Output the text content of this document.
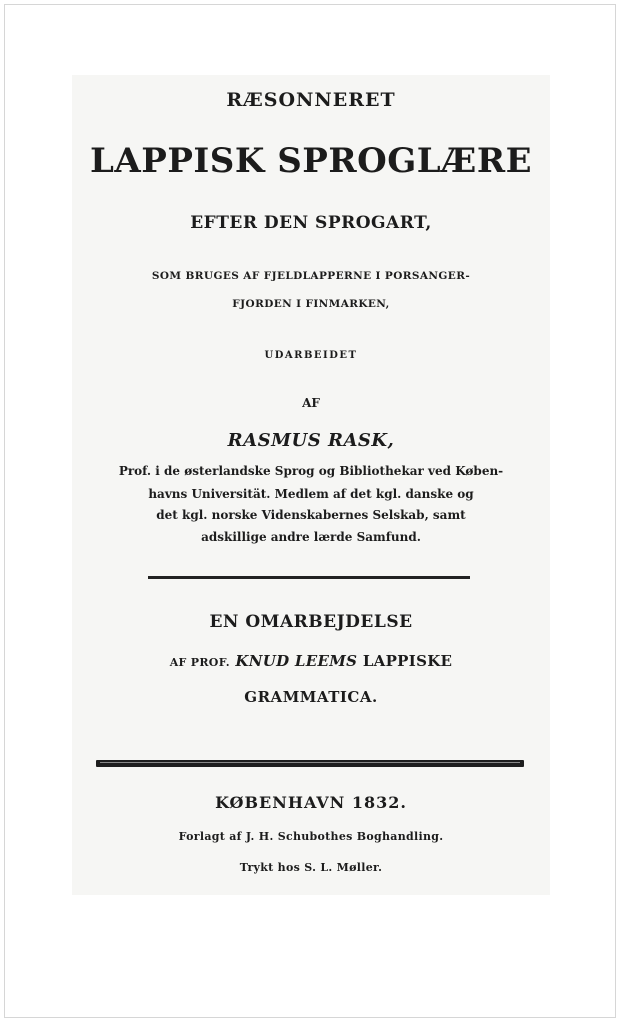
RÆSONNERET
LAPPISK SPROGLÆRE
EFTER DEN SPROGART,
SOM BRUGES AF FJELDLAPPERNE I PORSANGER-
FJORDEN I FINMARKEN,
UDARBEIDET
AF
RASMUS RASK,
Prof. i de østerlandske Sprog og Bibliothekar ved Køben-
havns Universität. Medlem af det kgl. danske og
det kgl. norske Videnskabernes Selskab, samt
adskillige andre lærde Samfund.
EN OMARBEJDELSE
AF PROF. KNUD LEEMS LAPPISKE
GRAMMATICA.
KØBENHAVN 1832.
Forlagt af J. H. Schubothes Boghandling.
Trykt hos S. L. Møller.
